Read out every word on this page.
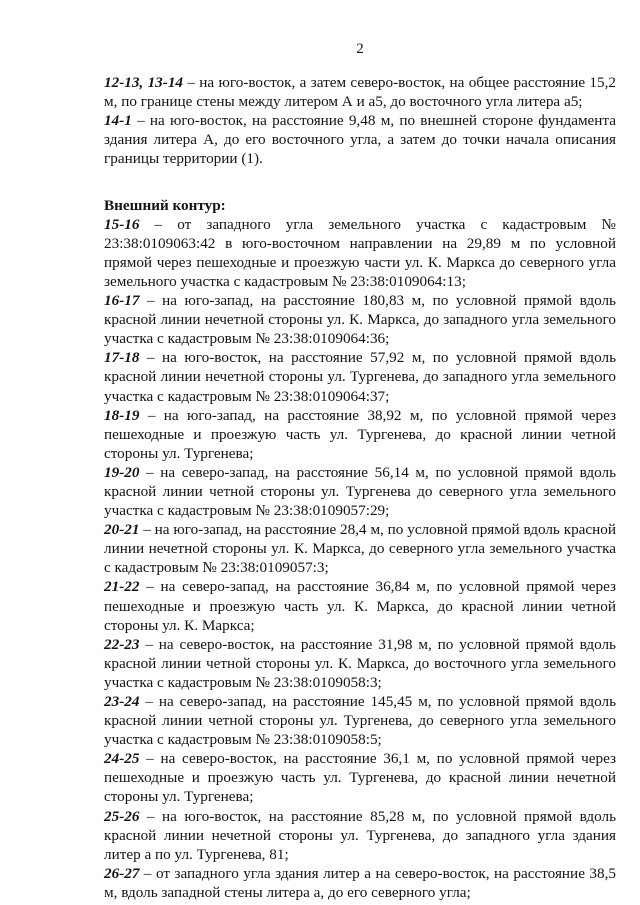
2

12-13, 13-14 – на юго-восток, а затем северо-восток, на общее расстояние 15,2 м, по границе стены между литером А и а5, до восточного угла литера а5;

14-1 – на юго-восток, на расстояние 9,48 м, по внешней стороне фундамента здания литера А, до его восточного угла, а затем до точки начала описания границы территории (1).

Внешний контур:

15-16 – от западного угла земельного участка с кадастровым № 23:38:0109063:42 в юго-восточном направлении на 29,89 м по условной прямой через пешеходные и проезжую части ул. К. Маркса до северного угла земельного участка с кадастровым № 23:38:0109064:13;

16-17 – на юго-запад, на расстояние 180,83 м, по условной прямой вдоль красной линии нечетной стороны ул. К. Маркса, до западного угла земельного участка с кадастровым № 23:38:0109064:36;

17-18 – на юго-восток, на расстояние 57,92 м, по условной прямой вдоль красной линии нечетной стороны ул. Тургенева, до западного угла земельного участка с кадастровым № 23:38:0109064:37;

18-19 – на юго-запад, на расстояние 38,92 м, по условной прямой через пешеходные и проезжую часть ул. Тургенева, до красной линии четной стороны ул. Тургенева;

19-20 – на северо-запад, на расстояние 56,14 м, по условной прямой вдоль красной линии четной стороны ул. Тургенева до северного угла земельного участка с кадастровым № 23:38:0109057:29;

20-21 – на юго-запад, на расстояние 28,4 м, по условной прямой вдоль красной линии нечетной стороны ул. К. Маркса, до северного угла земельного участка с кадастровым № 23:38:0109057:3;

21-22 – на северо-запад, на расстояние 36,84 м, по условной прямой через пешеходные и проезжую часть ул. К. Маркса, до красной линии четной стороны ул. К. Маркса;

22-23 – на северо-восток, на расстояние 31,98 м, по условной прямой вдоль красной линии четной стороны ул. К. Маркса, до восточного угла земельного участка с кадастровым № 23:38:0109058:3;

23-24 – на северо-запад, на расстояние 145,45 м, по условной прямой вдоль красной линии четной стороны ул. Тургенева, до северного угла земельного участка с кадастровым № 23:38:0109058:5;

24-25 – на северо-восток, на расстояние 36,1 м, по условной прямой через пешеходные и проезжую часть ул. Тургенева, до красной линии нечетной стороны ул. Тургенева;

25-26 – на юго-восток, на расстояние 85,28 м, по условной прямой вдоль красной линии нечетной стороны ул. Тургенева, до западного угла здания литер а по ул. Тургенева, 81;

26-27 – от западного угла здания литер а на северо-восток, на расстояние 38,5 м, вдоль западной стены литера а, до его северного угла;
